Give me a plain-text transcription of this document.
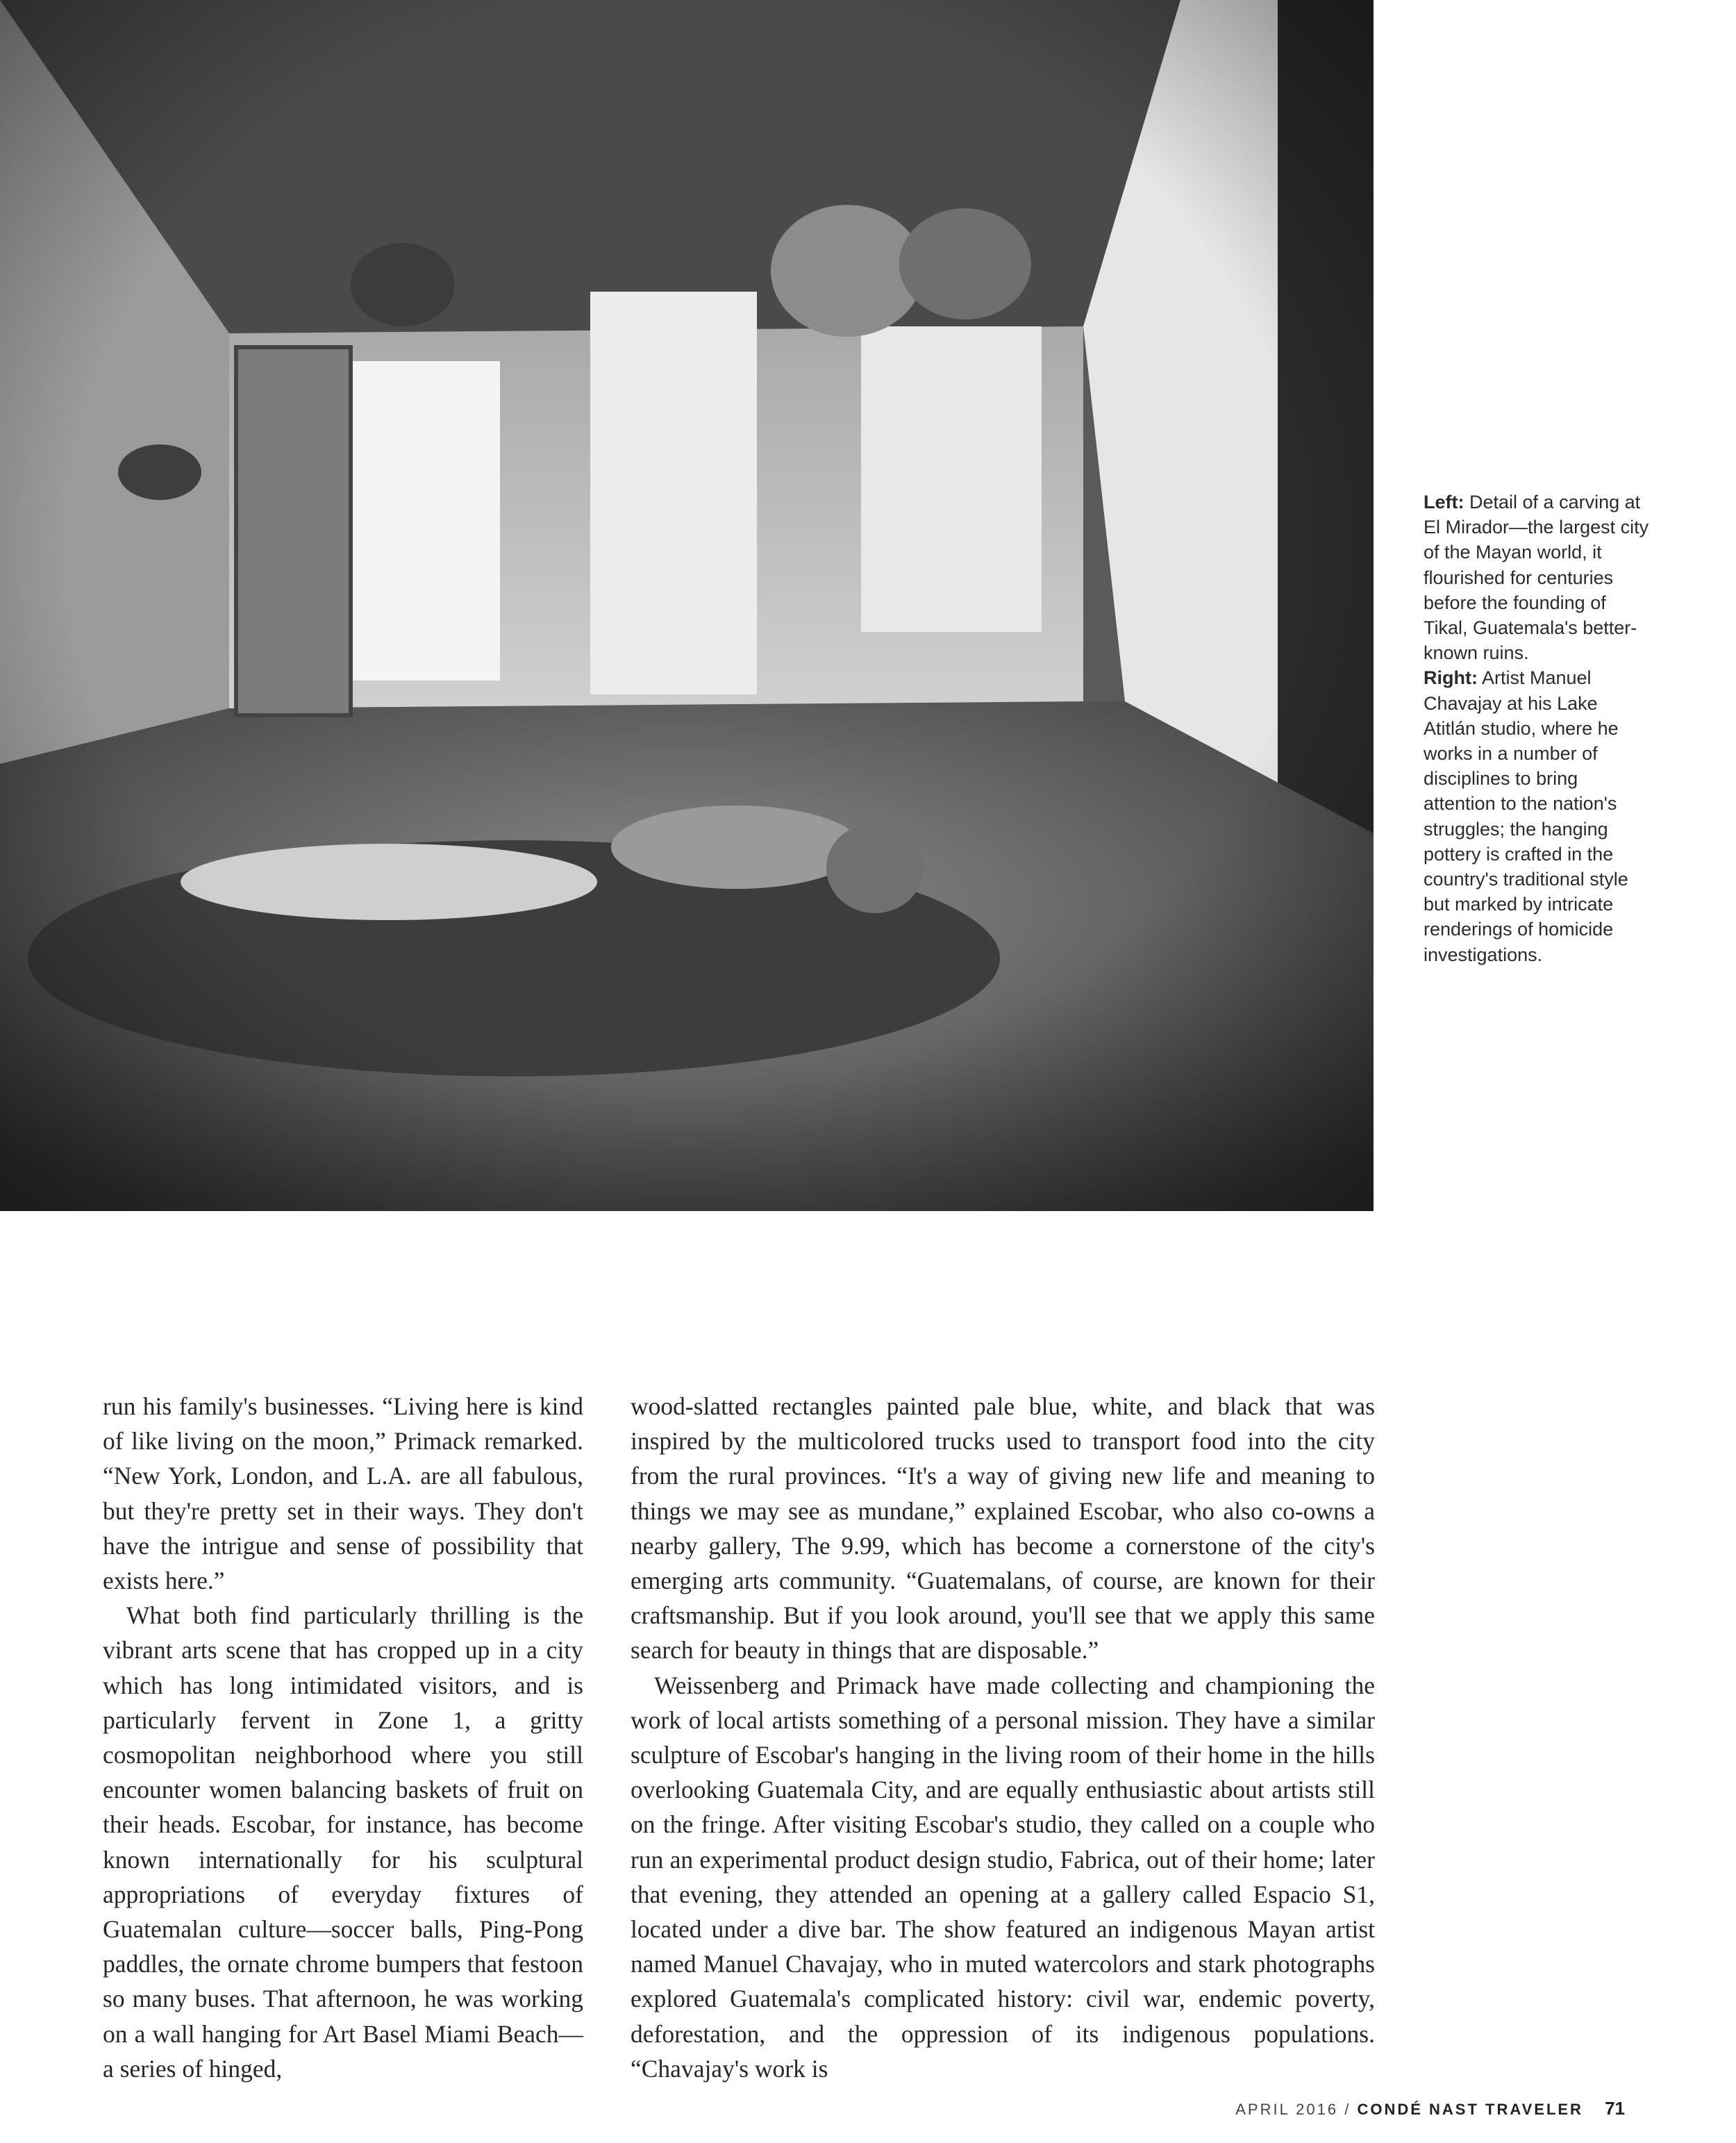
Left: Detail of a carving at El Mirador—the largest city of the Mayan world, it flourished for centuries before the founding of Tikal, Guatemala's better-known ruins.

Right: Artist Manuel Chavajay at his Lake Atitlán studio, where he works in a number of disciplines to bring attention to the nation's struggles; the hanging pottery is crafted in the country's traditional style but marked by intricate renderings of homicide investigations.

run his family's businesses. “Living here is kind of like living on the moon,” Primack remarked. “New York, London, and L.A. are all fabulous, but they're pretty set in their ways. They don't have the intrigue and sense of possibility that exists here.”

What both find particularly thrilling is the vibrant arts scene that has cropped up in a city which has long intimidated visitors, and is particularly fervent in Zone 1, a gritty cosmopolitan neighborhood where you still encounter women balancing baskets of fruit on their heads. Escobar, for instance, has become known internationally for his sculptural appropriations of everyday fixtures of Guatemalan culture—soccer balls, Ping-Pong paddles, the ornate chrome bumpers that festoon so many buses. That afternoon, he was working on a wall hanging for Art Basel Miami Beach—a series of hinged,

wood-slatted rectangles painted pale blue, white, and black that was inspired by the multicolored trucks used to transport food into the city from the rural provinces. “It's a way of giving new life and meaning to things we may see as mundane,” explained Escobar, who also co-owns a nearby gallery, The 9.99, which has become a cornerstone of the city's emerging arts community. “Guatemalans, of course, are known for their craftsmanship. But if you look around, you'll see that we apply this same search for beauty in things that are disposable.”

Weissenberg and Primack have made collecting and championing the work of local artists something of a personal mission. They have a similar sculpture of Escobar's hanging in the living room of their home in the hills overlooking Guatemala City, and are equally enthusiastic about artists still on the fringe. After visiting Escobar's studio, they called on a couple who run an experimental product design studio, Fabrica, out of their home; later that evening, they attended an opening at a gallery called Espacio S1, located under a dive bar. The show featured an indigenous Mayan artist named Manuel Chavajay, who in muted watercolors and stark photographs explored Guatemala's complicated history: civil war, endemic poverty, deforestation, and the oppression of its indigenous populations. “Chavajay's work is

APRIL 2016 / CONDÉ NAST TRAVELER 71
